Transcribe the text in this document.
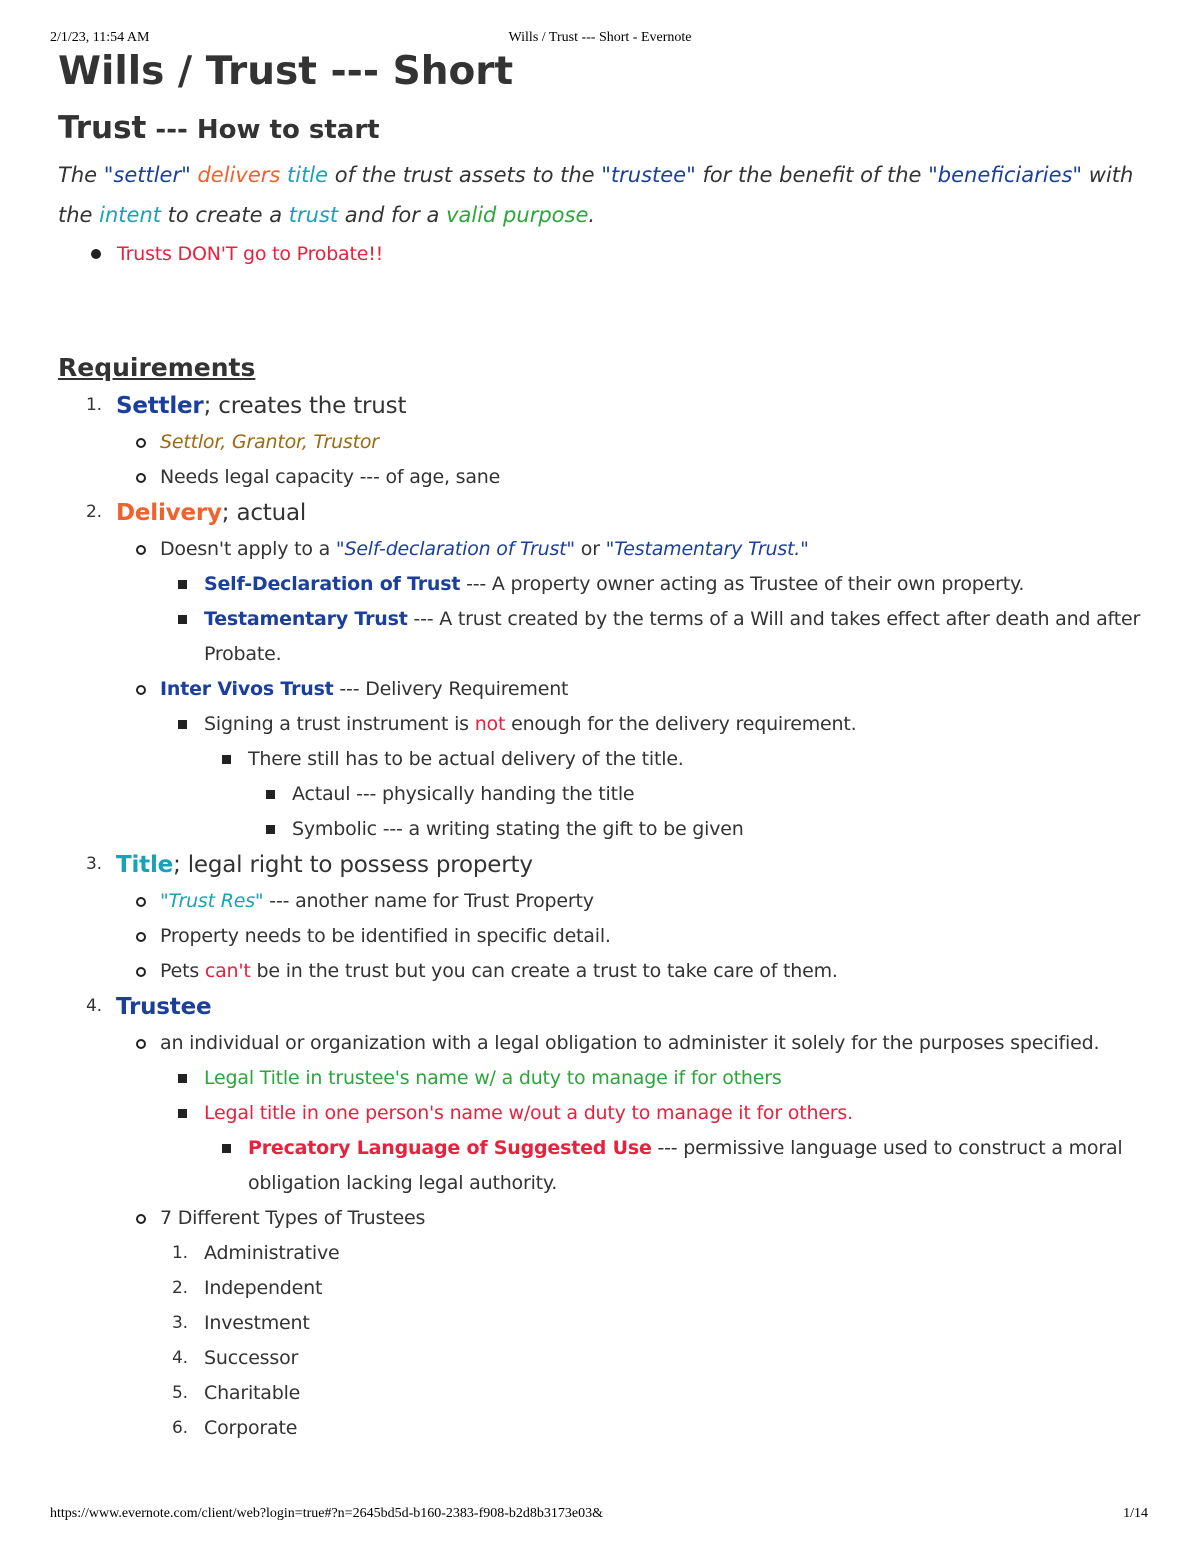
2/1/23, 11:54 AM	Wills / Trust --- Short - Evernote
Wills / Trust --- Short
Trust --- How to start

The "settler" delivers title of the trust assets to the "trustee" for the benefit of the "beneficiaries" with the intent to create a trust and for a valid purpose.

Trusts DON'T go to Probate!!
Requirements
1. Settler; creates the trust
Settlor, Grantor, Trustor
Needs legal capacity --- of age, sane
2. Delivery; actual
Doesn't apply to a "Self-declaration of Trust" or "Testamentary Trust."
Self-Declaration of Trust --- A property owner acting as Trustee of their own property.
Testamentary Trust --- A trust created by the terms of a Will and takes effect after death and after Probate.
Inter Vivos Trust --- Delivery Requirement
Signing a trust instrument is not enough for the delivery requirement.
There still has to be actual delivery of the title.
Actaul --- physically handing the title
Symbolic --- a writing stating the gift to be given
3. Title; legal right to possess property
"Trust Res" --- another name for Trust Property
Property needs to be identified in specific detail.
Pets can't be in the trust but you can create a trust to take care of them.
4. Trustee
an individual or organization with a legal obligation to administer it solely for the purposes specified.
Legal Title in trustee's name w/ a duty to manage if for others
Legal title in one person's name w/out a duty to manage it for others.
Precatory Language of Suggested Use --- permissive language used to construct a moral obligation lacking legal authority.
7 Different Types of Trustees
1. Administrative
2. Independent
3. Investment
4. Successor
5. Charitable
6. Corporate
https://www.evernote.com/client/web?login=true#?n=2645bd5d-b160-2383-f908-b2d8b3173e03&	1/14
